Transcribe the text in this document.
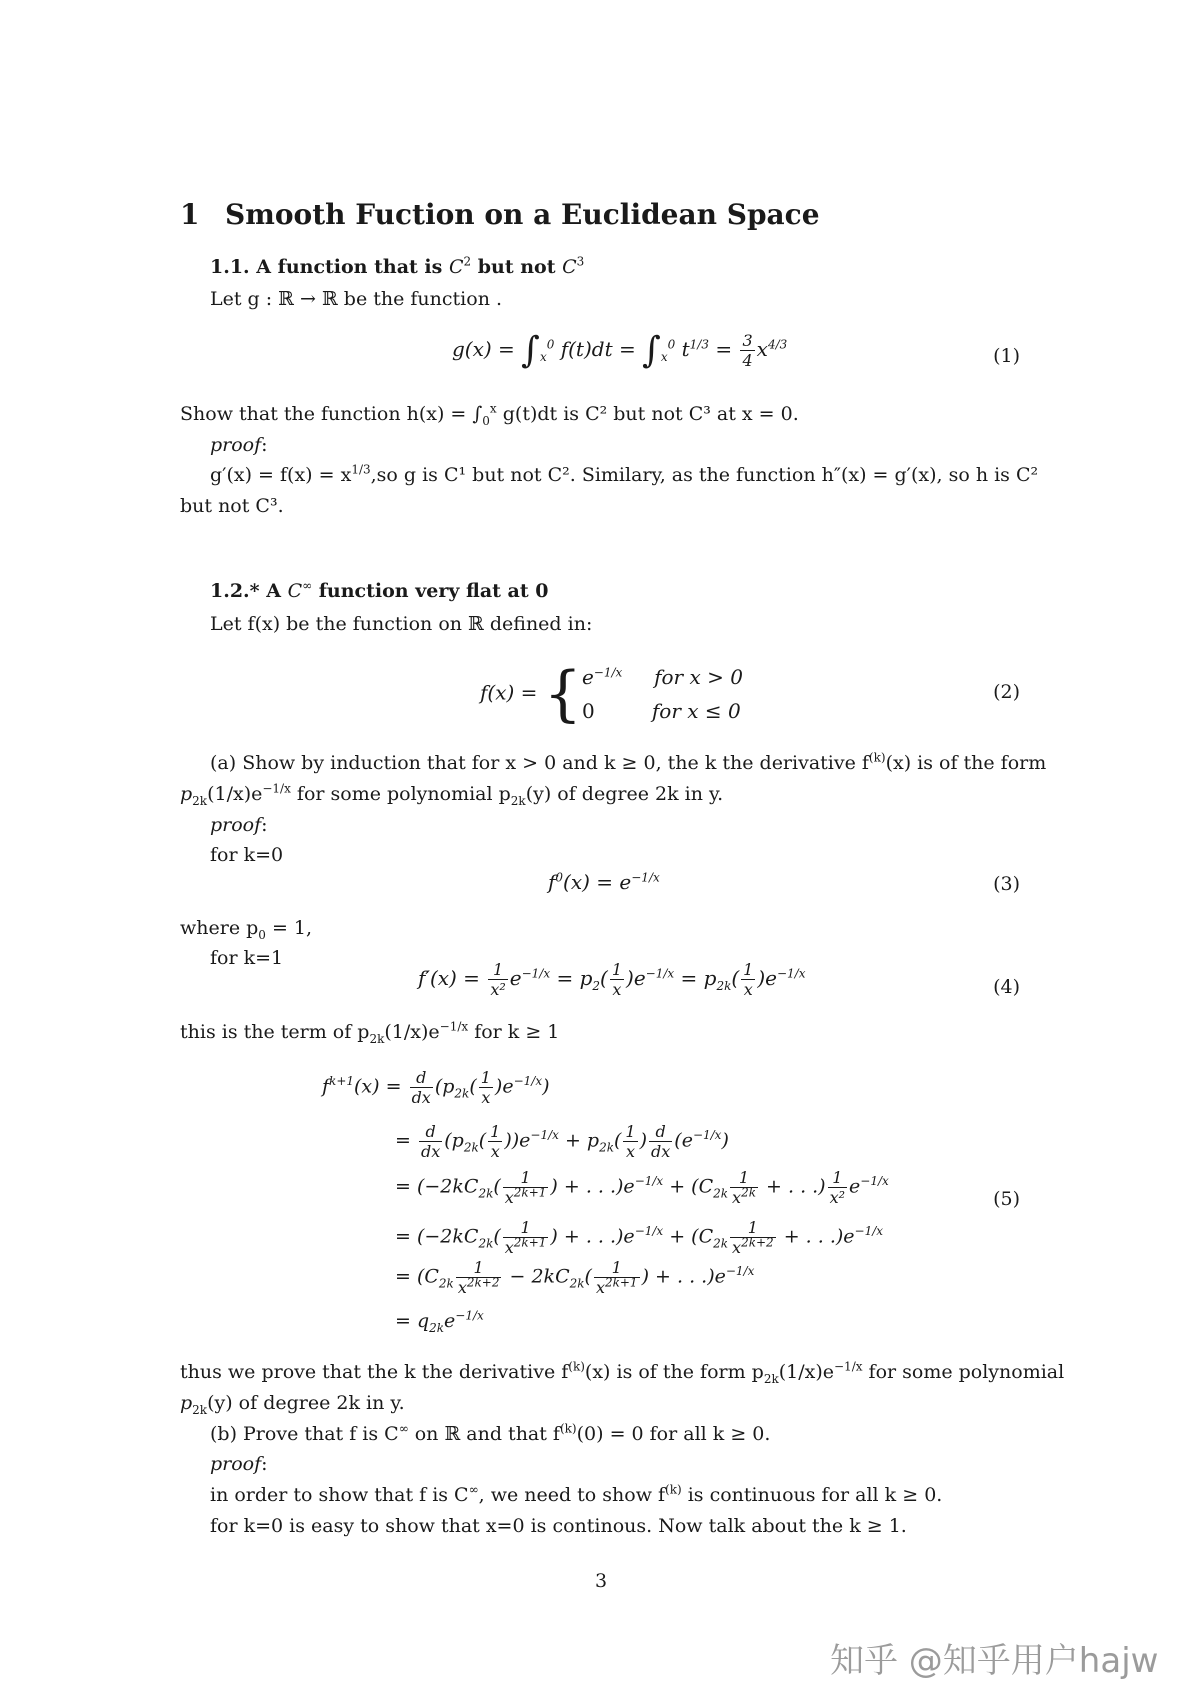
1 Smooth Fuction on a Euclidean Space
1.1. A function that is $C^2$ but not $C^3$
Let g : ℝ → ℝ be the function .
$g(x) = \int_x^0$ $f(t)dt = \int_x^0$ $t^{1/3} = \frac{3}{4} x^{4/3}$
(1)
Show that the function $h(x) = \int_0^x$ g(t)dt is C² but not C³ at x = 0.
proof:
$g'(x) = f(x) = x^{1/3},so$ g is C¹ but not C². Similary, as the function h″(x) = g′(x), so h is C²
but not C³.
1.2.* A C∞ function very flat at 0
Let f(x) be the function on ℝ defined in:
f(x) = { $e^{-1/x}$ for x > 0
0	for x ≤ 0
(2)
(a) Show by induction that for x > 0 and k ≥ 0, the k the derivative $f^{(k)}(x)$ is of the form
$p_{2k}(1/x)e^{-1/x}$ for some polynomial $p_{2k}(y)$ of degree 2k in y.
proof:
for k=0
$f^0(x) = e^{-1/x}$	(3)
where $p_0 = 1$,
for k=1
$f'(x) = \frac{1}{\text{x²}} e^{-1/x} = p_2( \frac{1}{x} )e^{-1/x} = p_{2k}( \frac{1}{x} )e^{-1/x}$
(4)
this is the term of $p_{2k}(1/x)e^{-1/x}$ for k ≥ 1
$f^{k+1}(x) = \frac{d}{dx} (p_{2k}( \frac{1}{x} )e^{-1/x})$
= $\frac{d}{dx} (p_{2k}( \frac{1}{x} ))e^{-1/x} + p_{2k}( \frac{1}{x}$ ) $\frac{d}{dx} (e^{-1/x})$
= ($-2kC_{2k}( \frac{1}{x^{2k+1}}$ ) + . . $.)e^{-1/x} + (C_{2k} \frac{1}{x^{2k}}$ + . . .) $\frac{1}{\text{x²}} e^{-1/x}$
= ($-2kC_{2k}( \frac{1}{x^{2k+1}}$ ) + . . $.)e^{-1/x} + (C_{2k} \frac{1}{x^{2k+2}}$ + . . $.)e^{-1/x}$
= ($C_{2k} \frac{1}{x^{2k+2}} - 2kC_{2k}( \frac{1}{x^{2k+1}}$ ) + . . $.)e^{-1/x}$
= $q_{2k}e^{-1/x}$
(5)
thus we prove that the k the derivative $f^{(k)}(x)$ is of the form $p_{2k}(1/x)e^{-1/x}$ for some polynomial
$p_{2k}(y)$ of degree 2k in y.
(b) Prove that f is C∞ on ℝ and that $f^{(k)}(0) = 0$ for all k ≥ 0.
proof:
in order to show that f is C∞, we need to show $f^{(k)}$ is continuous for all k ≥ 0.
for k=0 is easy to show that x=0 is continous. Now talk about the k ≥ 1.
3
知乎 @知乎用户hajw
